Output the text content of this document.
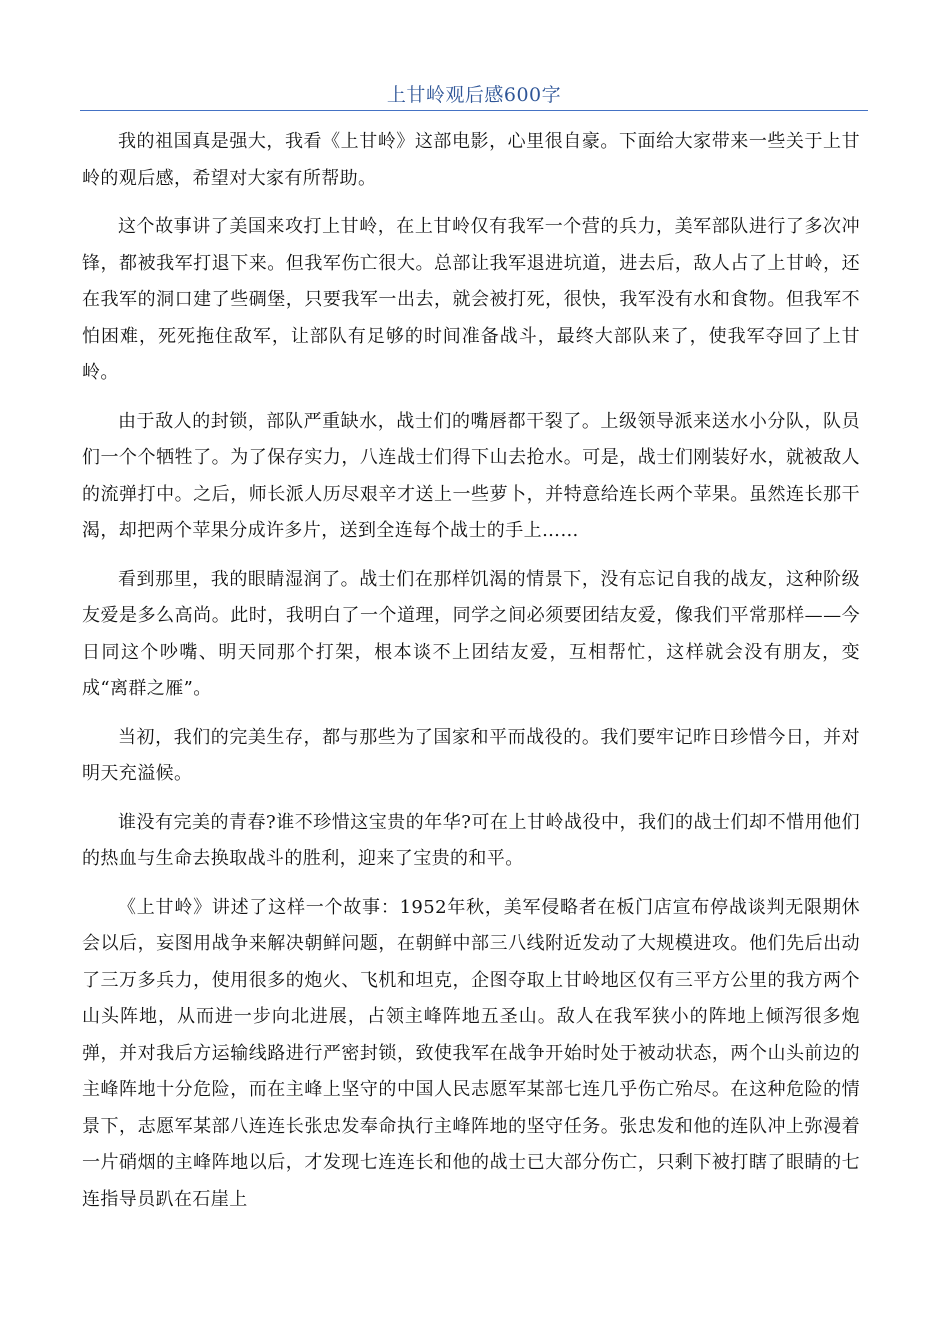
上甘岭观后感600字

我的祖国真是强大，我看《上甘岭》这部电影，心里很自豪。下面给大家带来一些关于上甘岭的观后感，希望对大家有所帮助。

这个故事讲了美国来攻打上甘岭，在上甘岭仅有我军一个营的兵力，美军部队进行了多次冲锋，都被我军打退下来。但我军伤亡很大。总部让我军退进坑道，进去后，敌人占了上甘岭，还在我军的洞口建了些碉堡，只要我军一出去，就会被打死，很快，我军没有水和食物。但我军不怕困难，死死拖住敌军，让部队有足够的时间准备战斗，最终大部队来了，使我军夺回了上甘岭。

由于敌人的封锁，部队严重缺水，战士们的嘴唇都干裂了。上级领导派来送水小分队，队员们一个个牺牲了。为了保存实力，八连战士们得下山去抢水。可是，战士们刚装好水，就被敌人的流弹打中。之后，师长派人历尽艰辛才送上一些萝卜，并特意给连长两个苹果。虽然连长那干渴，却把两个苹果分成许多片，送到全连每个战士的手上……

看到那里，我的眼睛湿润了。战士们在那样饥渴的情景下，没有忘记自我的战友，这种阶级友爱是多么高尚。此时，我明白了一个道理，同学之间必须要团结友爱，像我们平常那样——今日同这个吵嘴、明天同那个打架，根本谈不上团结友爱，互相帮忙，这样就会没有朋友，变成“离群之雁”。

当初，我们的完美生存，都与那些为了国家和平而战役的。我们要牢记昨日珍惜今日，并对明天充溢候。

谁没有完美的青春?谁不珍惜这宝贵的年华?可在上甘岭战役中，我们的战士们却不惜用他们的热血与生命去换取战斗的胜利，迎来了宝贵的和平。

《上甘岭》讲述了这样一个故事：1952年秋，美军侵略者在板门店宣布停战谈判无限期休会以后，妄图用战争来解决朝鲜问题，在朝鲜中部三八线附近发动了大规模进攻。他们先后出动了三万多兵力，使用很多的炮火、飞机和坦克，企图夺取上甘岭地区仅有三平方公里的我方两个山头阵地，从而进一步向北进展，占领主峰阵地五圣山。敌人在我军狭小的阵地上倾泻很多炮弹，并对我后方运输线路进行严密封锁，致使我军在战争开始时处于被动状态，两个山头前边的主峰阵地十分危险，而在主峰上坚守的中国人民志愿军某部七连几乎伤亡殆尽。在这种危险的情景下，志愿军某部八连连长张忠发奉命执行主峰阵地的坚守任务。张忠发和他的连队冲上弥漫着一片硝烟的主峰阵地以后，才发现七连连长和他的战士已大部分伤亡，只剩下被打瞎了眼睛的七连指导员趴在石崖上
